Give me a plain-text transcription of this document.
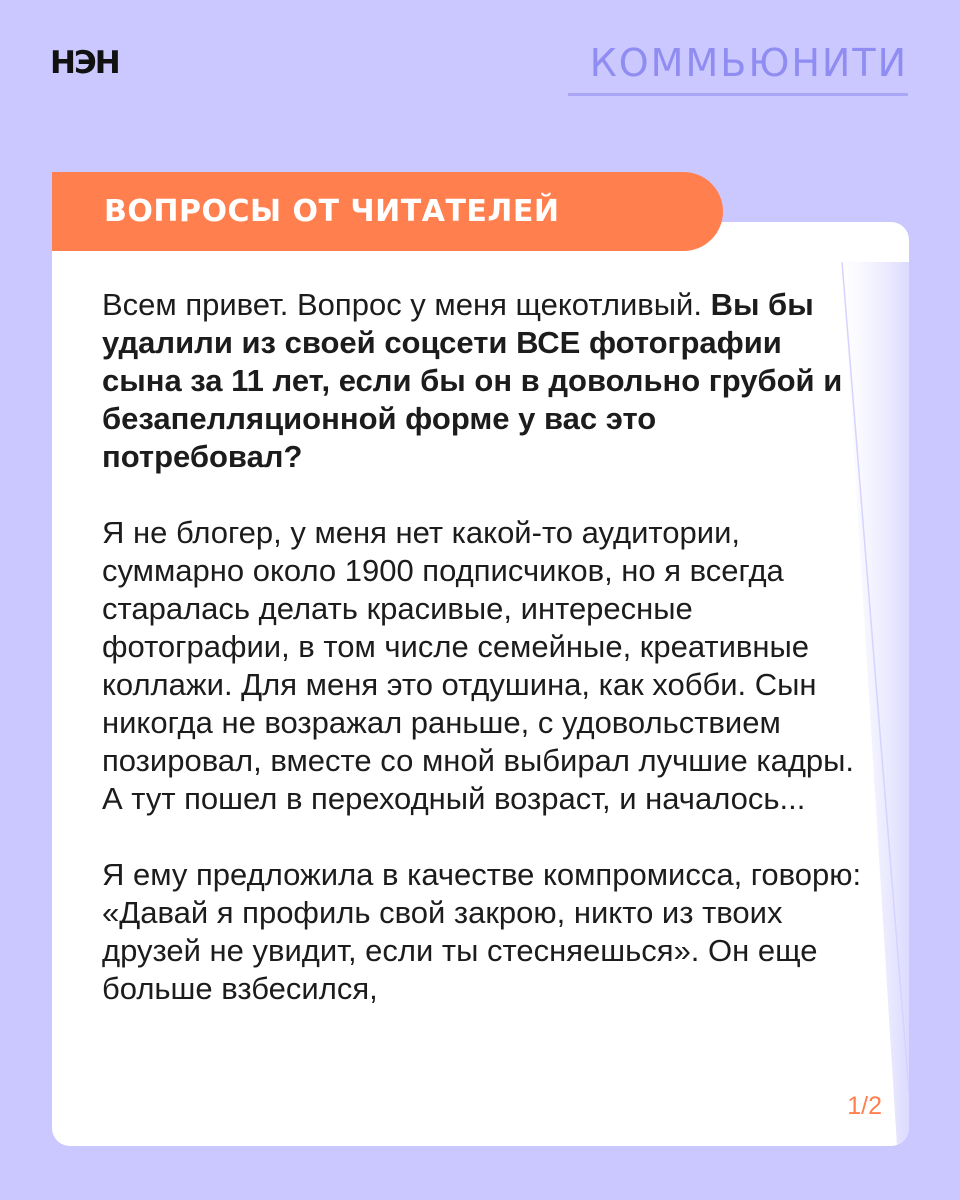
НЭН	КОММЬЮНИТИ
ВОПРОСЫ ОТ ЧИТАТЕЛЕЙ

Всем привет. Вопрос у меня щекотливый. Вы бы удалили из своей соцсети ВСЕ фотографии сына за 11 лет, если бы он в довольно грубой и безапелляционной форме у вас это потребовал?

Я не блогер, у меня нет какой-то аудитории, суммарно около 1900 подписчиков, но я всегда старалась делать красивые, интересные фотографии, в том числе семейные, креативные коллажи. Для меня это отдушина, как хобби. Сын никогда не возражал раньше, с удовольствием позировал, вместе со мной выбирал лучшие кадры. А тут пошел в переходный возраст, и началось...

Я ему предложила в качестве компромисса, говорю: «Давай я профиль свой закрою, никто из твоих друзей не увидит, если ты стесняешься». Он еще больше взбесился,

1/2
